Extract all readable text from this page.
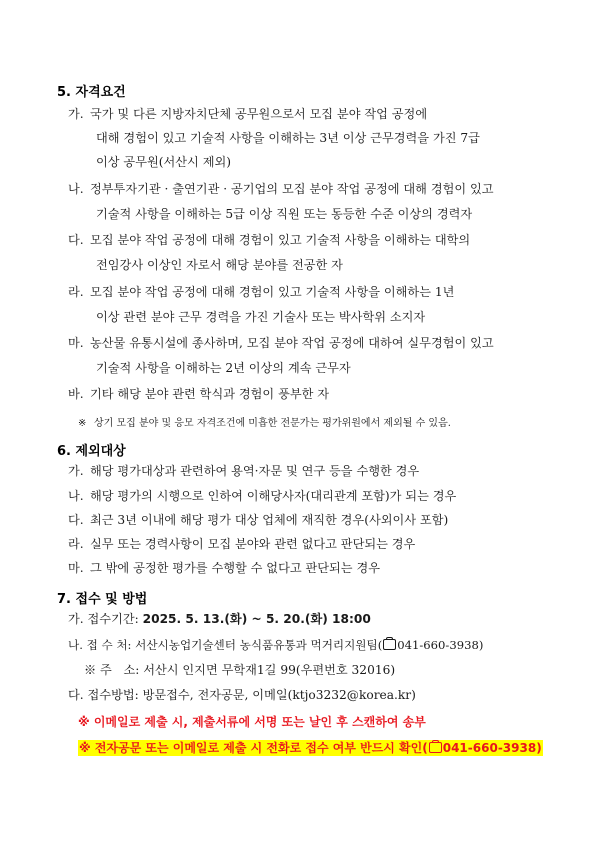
5. 자격요건
가. 국가 및 다른 지방자치단체 공무원으로서 모집 분야 작업 공정에
대해 경험이 있고 기술적 사항을 이해하는 3년 이상 근무경력을 가진 7급
이상 공무원(서산시 제외)
나. 정부투자기관 · 출연기관 · 공기업의 모집 분야 작업 공정에 대해 경험이 있고
기술적 사항을 이해하는 5급 이상 직원 또는 동등한 수준 이상의 경력자
다. 모집 분야 작업 공정에 대해 경험이 있고 기술적 사항을 이해하는 대학의
전임강사 이상인 자로서 해당 분야를 전공한 자
라. 모집 분야 작업 공정에 대해 경험이 있고 기술적 사항을 이해하는 1년
이상 관련 분야 근무 경력을 가진 기술사 또는 박사학위 소지자
마. 농산물 유통시설에 종사하며, 모집 분야 작업 공정에 대하여 실무경험이 있고
기술적 사항을 이해하는 2년 이상의 계속 근무자
바. 기타 해당 분야 관련 학식과 경험이 풍부한 자
※ 상기 모집 분야 및 응모 자격조건에 미흡한 전문가는 평가위원에서 제외될 수 있음.
6. 제외대상
가. 해당 평가대상과 관련하여 용역·자문 및 연구 등을 수행한 경우
나. 해당 평가의 시행으로 인하여 이해당사자(대리관계 포함)가 되는 경우
다. 최근 3년 이내에 해당 평가 대상 업체에 재직한 경우(사외이사 포함)
라. 실무 또는 경력사항이 모집 분야와 관련 없다고 판단되는 경우
마. 그 밖에 공정한 평가를 수행할 수 없다고 판단되는 경우
7. 접수 및 방법
가. 접수기간: 2025. 5. 13.(화) ~ 5. 20.(화) 18:00
나. 접 수 처: 서산시농업기술센터 농식품유통과 먹거리지원팀( 041-660-3938)
※ 주   소: 서산시 인지면 무학재1길 99(우편번호 32016)
다. 접수방법: 방문접수, 전자공문, 이메일(ktjo3232@korea.kr)
※ 이메일로 제출 시, 제출서류에 서명 또는 날인 후 스캔하여 송부
※ 전자공문 또는 이메일로 제출 시 전화로 접수 여부 반드시 확인( 041-660-3938)
